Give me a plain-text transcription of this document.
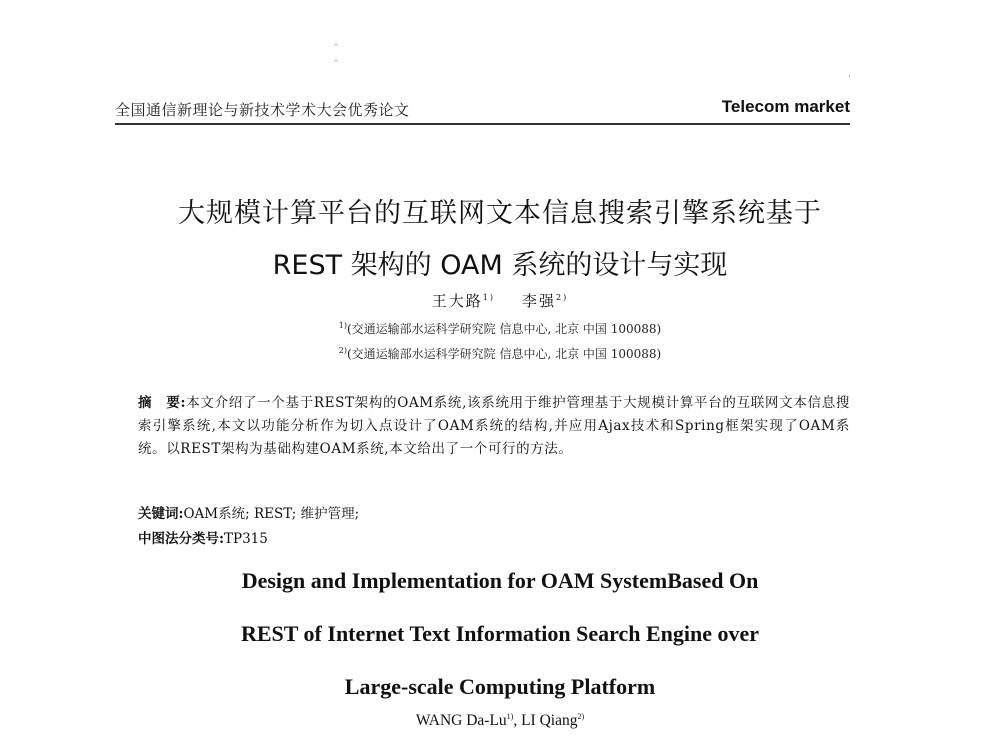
全国通信新理论与新技术学术大会优秀论文	Telecom market
大规模计算平台的互联网文本信息搜索引擎系统基于
REST 架构的 OAM 系统的设计与实现
王大路$^{1)}$ 李强$^{2)}$
$^{1)}$(交通运输部水运科学研究院 信息中心, 北京 中国 100088)
$^{2)}$(交通运输部水运科学研究院 信息中心, 北京 中国 100088)
摘　要:本文介绍了一个基于REST架构的OAM系统,该系统用于维护管理基于大规模计算平台的互联网文本信息搜索引擎系统,本文以功能分析作为切入点设计了OAM系统的结构,并应用Ajax技术和Spring框架实现了OAM系统。以REST架构为基础构建OAM系统,本文给出了一个可行的方法。
关键词:OAM系统; REST; 维护管理;
中图法分类号:TP315
Design and Implementation for OAM SystemBased On
REST of Internet Text Information Search Engine over
Large-scale Computing Platform
WANG Da-Lu$^{1)}$, LI Qiang$^{2)}$
